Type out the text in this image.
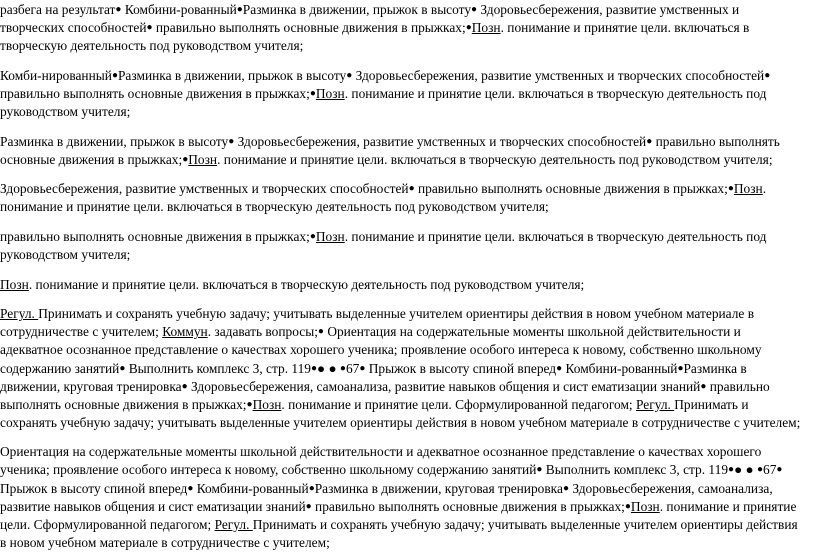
разбега на результат● Комбини-рованный●Разминка в движении, прыжок в высоту● Здоровьесбережения, развитие умственных и творческих способностей● правильно выполнять основные движения в прыжках;●Позн. понимание и принятие цели. включаться в творческую деятельность под руководством учителя;

Комби-нированный●Разминка в движении, прыжок в высоту● Здоровьесбережения, развитие умственных и творческих способностей● правильно выполнять основные движения в прыжках;●Позн. понимание и принятие цели. включаться в творческую деятельность под руководством учителя;

Разминка в движении, прыжок в высоту● Здоровьесбережения, развитие умственных и творческих способностей● правильно выполнять основные движения в прыжках;●Позн. понимание и принятие цели. включаться в творческую деятельность под руководством учителя;

Здоровьесбережения, развитие умственных и творческих способностей● правильно выполнять основные движения в прыжках;●Позн. понимание и принятие цели. включаться в творческую деятельность под руководством учителя;

правильно выполнять основные движения в прыжках;●Позн. понимание и принятие цели. включаться в творческую деятельность под руководством учителя;

Позн. понимание и принятие цели. включаться в творческую деятельность под руководством учителя;

Регул. Принимать и сохранять учебную задачу; учитывать выделенные учителем ориентиры действия в новом учебном материале в сотрудничестве с учителем; Коммун. задавать вопросы;● Ориентация на содержательные моменты школьной действительности и адекватное осознанное представление о качествах хорошего ученика; проявление особого интереса к новому, собственно школьному содержанию занятий● Выполнить комплекс 3, стр. 119●● ● ●67● Прыжок в высоту спиной вперед● Комбини-рованный●Разминка в движении, круговая тренировка● Здоровьесбережения, самоанализа, развитие навыков общения и сист ематизации знаний● правильно выполнять основные движения в прыжках;●Позн. понимание и принятие цели. Сформулированной педагогом; Регул. Принимать и сохранять учебную задачу; учитывать выделенные учителем ориентиры действия в новом учебном материале в сотрудничестве с учителем;

Ориентация на содержательные моменты школьной действительности и адекватное осознанное представление о качествах хорошего ученика; проявление особого интереса к новому, собственно школьному содержанию занятий● Выполнить комплекс 3, стр. 119●● ● ●67● Прыжок в высоту спиной вперед● Комбини-рованный●Разминка в движении, круговая тренировка● Здоровьесбережения, самоанализа, развитие навыков общения и сист ематизации знаний● правильно выполнять основные движения в прыжках;●Позн. понимание и принятие цели. Сформулированной педагогом; Регул. Принимать и сохранять учебную задачу; учитывать выделенные учителем ориентиры действия в новом учебном материале в сотрудничестве с учителем;
